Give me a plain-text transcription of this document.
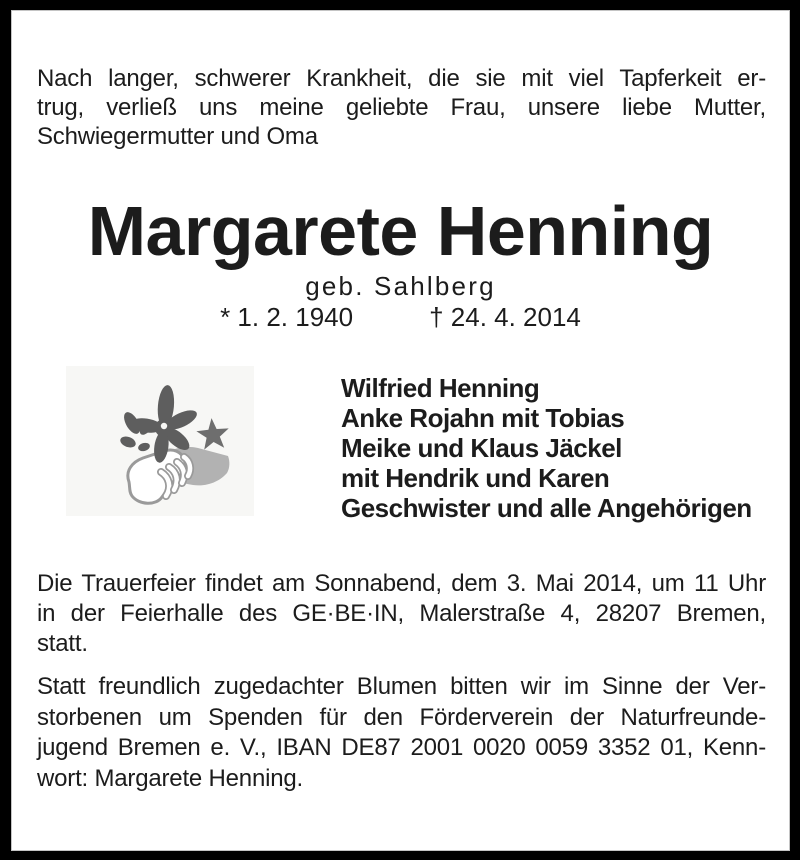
Nach langer, schwerer Krankheit, die sie mit viel Tapferkeit er-
trug, verließ uns meine geliebte Frau, unsere liebe Mutter,
Schwiegermutter und Oma
Margarete Henning
geb. Sahlberg
* 1. 2. 1940	† 24. 4. 2014
Wilfried Henning
Anke Rojahn mit Tobias
Meike und Klaus Jäckel
mit Hendrik und Karen
Geschwister und alle Angehörigen
Die Trauerfeier findet am Sonnabend, dem 3. Mai 2014, um 11 Uhr
in der Feierhalle des GE·BE·IN, Malerstraße 4, 28207 Bremen,
statt.
Statt freundlich zugedachter Blumen bitten wir im Sinne der Ver-
storbenen um Spenden für den Förderverein der Naturfreunde-
jugend Bremen e. V., IBAN DE87 2001 0020 0059 3352 01, Kenn-
wort: Margarete Henning.
